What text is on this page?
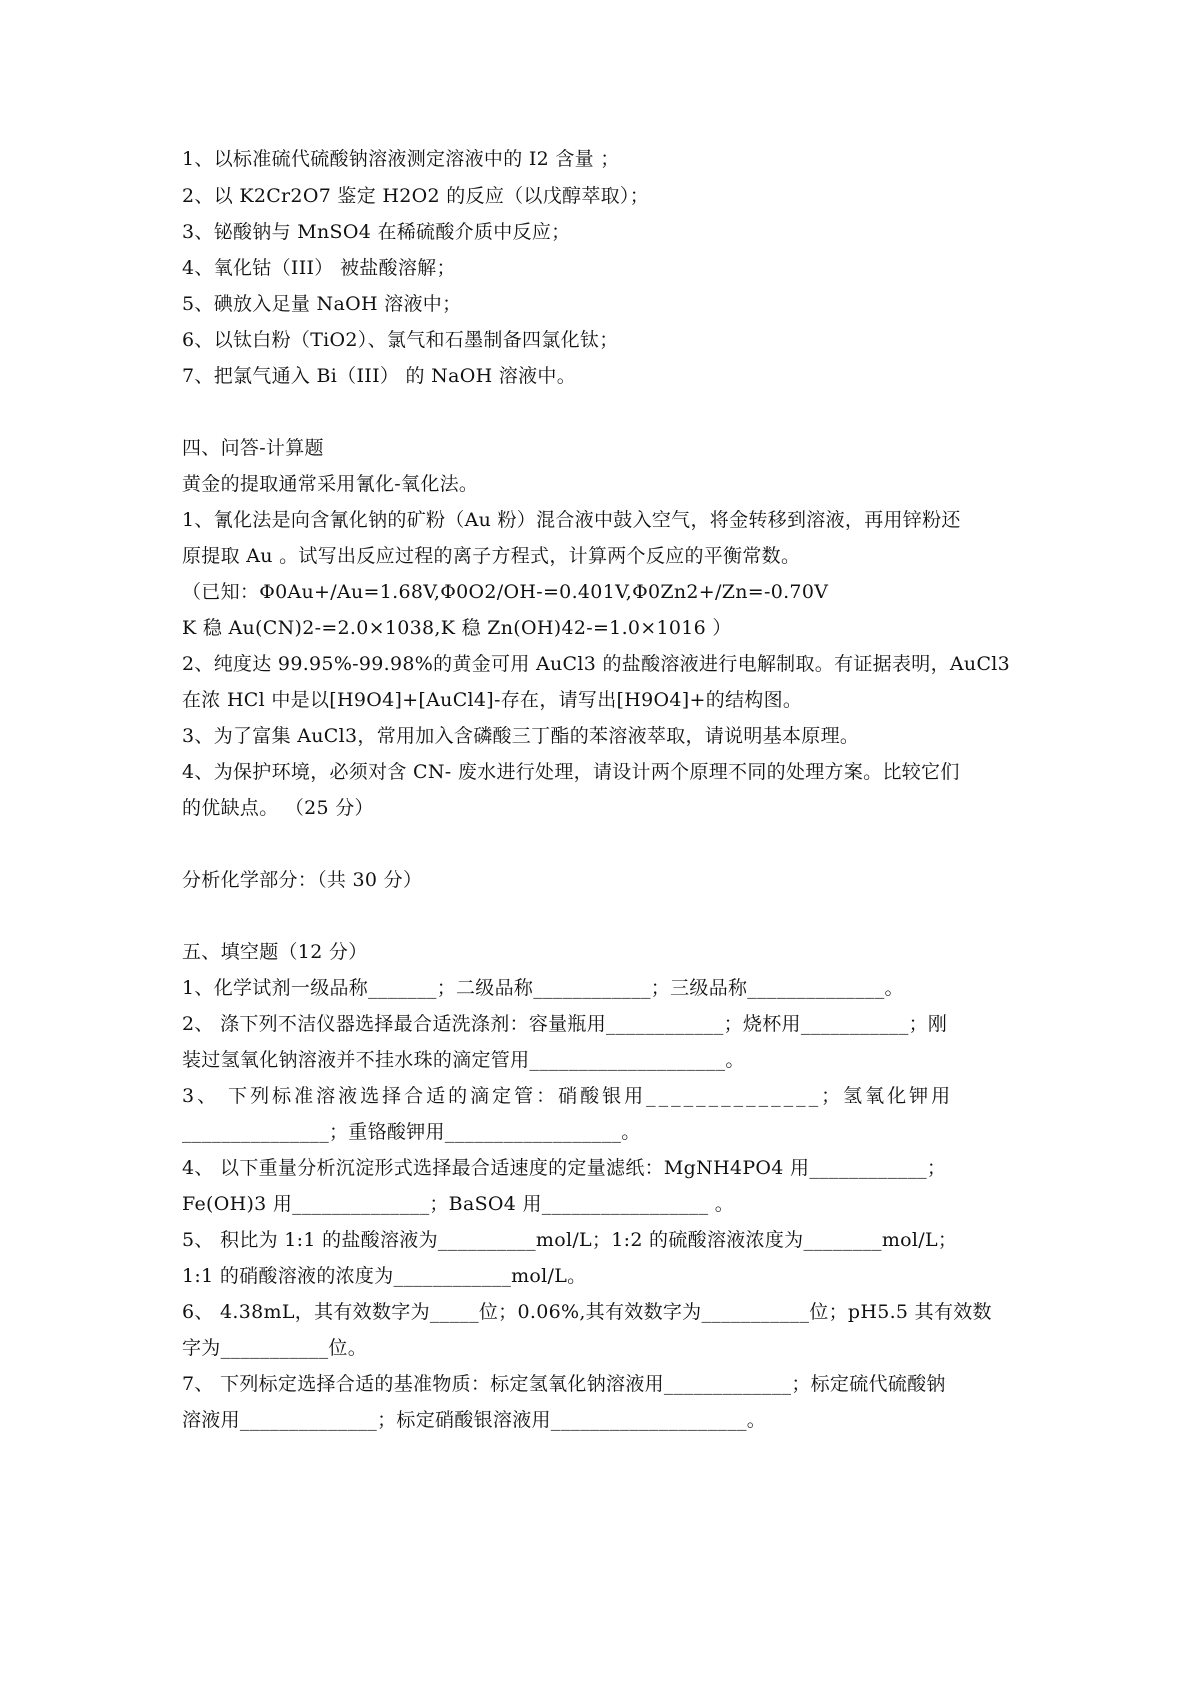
1、以标准硫代硫酸钠溶液测定溶液中的 I2 含量 ；
2、以 K2Cr2O7 鉴定 H2O2 的反应（以戊醇萃取）；
3、铋酸钠与 MnSO4 在稀硫酸介质中反应；
4、氧化钴（III） 被盐酸溶解；
5、碘放入足量 NaOH 溶液中；
6、以钛白粉（TiO2）、氯气和石墨制备四氯化钛；
7、把氯气通入 Bi（III） 的 NaOH 溶液中。
四、问答-计算题
黄金的提取通常采用氰化-氧化法。
1、氰化法是向含氰化钠的矿粉（Au 粉）混合液中鼓入空气，将金转移到溶液，再用锌粉还
原提取 Au 。试写出反应过程的离子方程式，计算两个反应的平衡常数。
（已知：Φ0Au+/Au=1.68V,Φ0O2/OH-=0.401V,Φ0Zn2+/Zn=-0.70V
K 稳 Au(CN)2-=2.0×1038,K 稳 Zn(OH)42-=1.0×1016 ）
2、纯度达 99.95%-99.98%的黄金可用 AuCl3 的盐酸溶液进行电解制取。有证据表明，AuCl3
在浓 HCl 中是以[H9O4]+[AuCl4]-存在，请写出[H9O4]+的结构图。
3、为了富集 AuCl3，常用加入含磷酸三丁酯的苯溶液萃取，请说明基本原理。
4、为保护环境，必须对含 CN- 废水进行处理，请设计两个原理不同的处理方案。比较它们
的优缺点。 （25 分）
分析化学部分：（共 30 分）
五、填空题（12 分）
1、化学试剂一级品称_______；二级品称____________；三级品称______________。
2、 涤下列不洁仪器选择最合适洗涤剂：容量瓶用____________；烧杯用___________；刚
装过氢氧化钠溶液并不挂水珠的滴定管用____________________。
3、 下列标准溶液选择合适的滴定管：硝酸银用______________；氢氧化钾用
_______________；重铬酸钾用__________________。
4、 以下重量分析沉淀形式选择最合适速度的定量滤纸：MgNH4PO4 用____________；
Fe(OH)3 用______________；BaSO4 用_________________ 。
5、 积比为 1:1 的盐酸溶液为__________mol/L；1:2 的硫酸溶液浓度为________mol/L；
1:1 的硝酸溶液的浓度为____________mol/L。
6、 4.38mL，其有效数字为_____位；0.06%,其有效数字为___________位；pH5.5 其有效数
字为___________位。
7、 下列标定选择合适的基准物质：标定氢氧化钠溶液用_____________；标定硫代硫酸钠
溶液用______________；标定硝酸银溶液用____________________。
